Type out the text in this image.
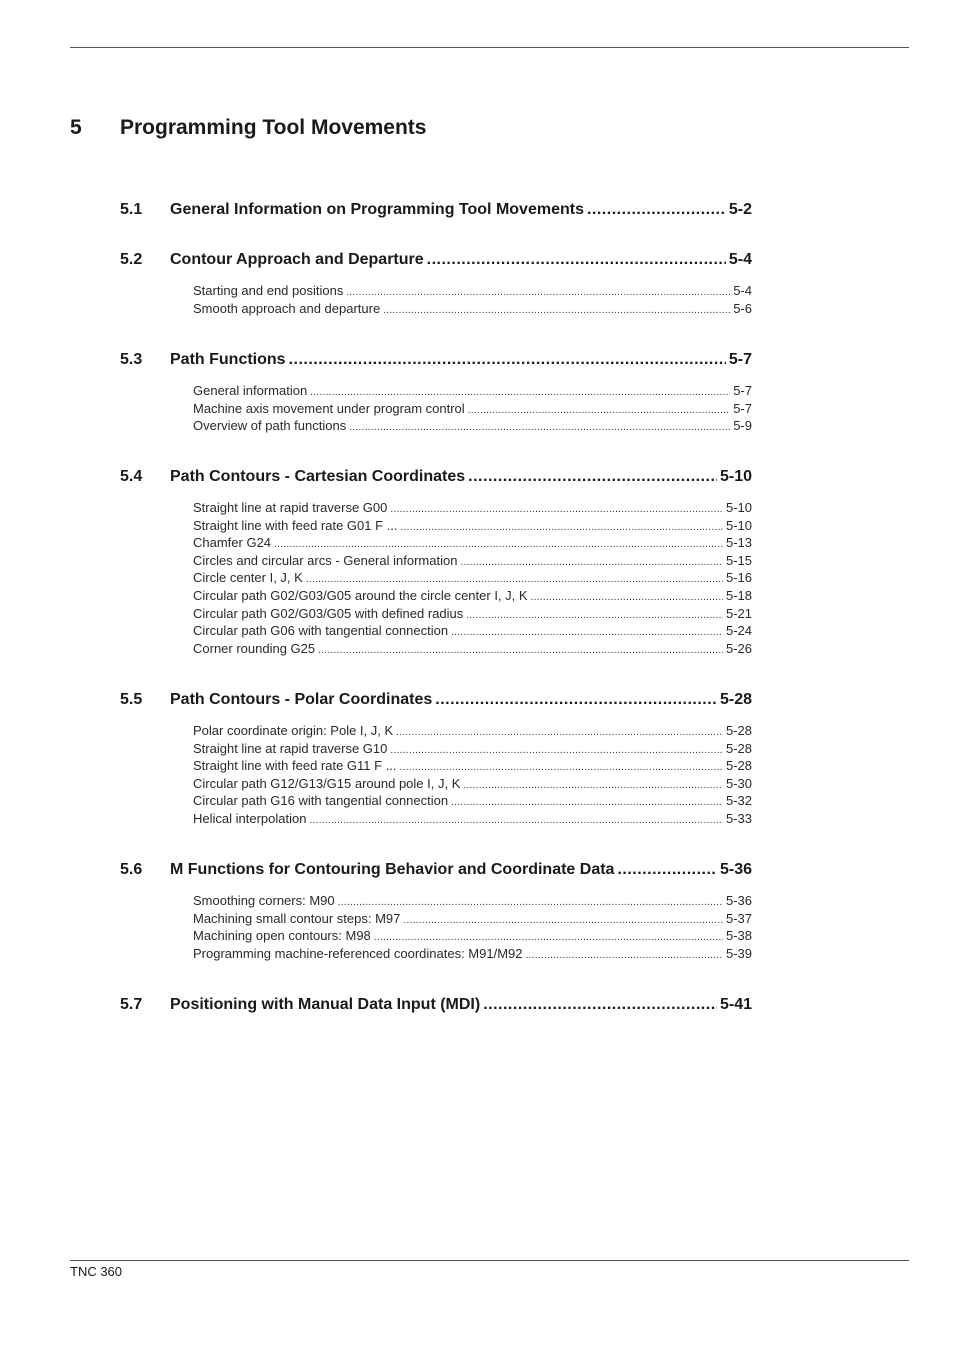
5 Programming Tool Movements
5.1	General Information on Programming Tool Movements .....	5-2
5.2	Contour Approach and Departure .....	5-4
Starting and end positions .....	5-4
Smooth approach and departure .....	5-6
5.3	Path Functions .....	5-7
General information .....	5-7
Machine axis movement under program control .....	5-7
Overview of path functions .....	5-9
5.4	Path Contours - Cartesian Coordinates .....	5-10
Straight line at rapid traverse G00 .....	5-10
Straight line with feed rate G01 F ... .....	5-10
Chamfer G24 .....	5-13
Circles and circular arcs - General information .....	5-15
Circle center I, J, K .....	5-16
Circular path G02/G03/G05 around the circle center I, J, K .....	5-18
Circular path G02/G03/G05 with defined radius .....	5-21
Circular path G06 with tangential connection .....	5-24
Corner rounding G25 .....	5-26
5.5	Path Contours - Polar Coordinates .....	5-28
Polar coordinate origin: Pole I, J, K .....	5-28
Straight line at rapid traverse G10 .....	5-28
Straight line with feed rate G11 F ... .....	5-28
Circular path G12/G13/G15 around pole I, J, K .....	5-30
Circular path G16 with tangential connection .....	5-32
Helical interpolation .....	5-33
5.6	M Functions for Contouring Behavior and Coordinate Data .....	5-36
Smoothing corners: M90 .....	5-36
Machining small contour steps: M97 .....	5-37
Machining open contours: M98 .....	5-38
Programming machine-referenced coordinates: M91/M92 .....	5-39
5.7	Positioning with Manual Data Input (MDI) .....	5-41
TNC 360
